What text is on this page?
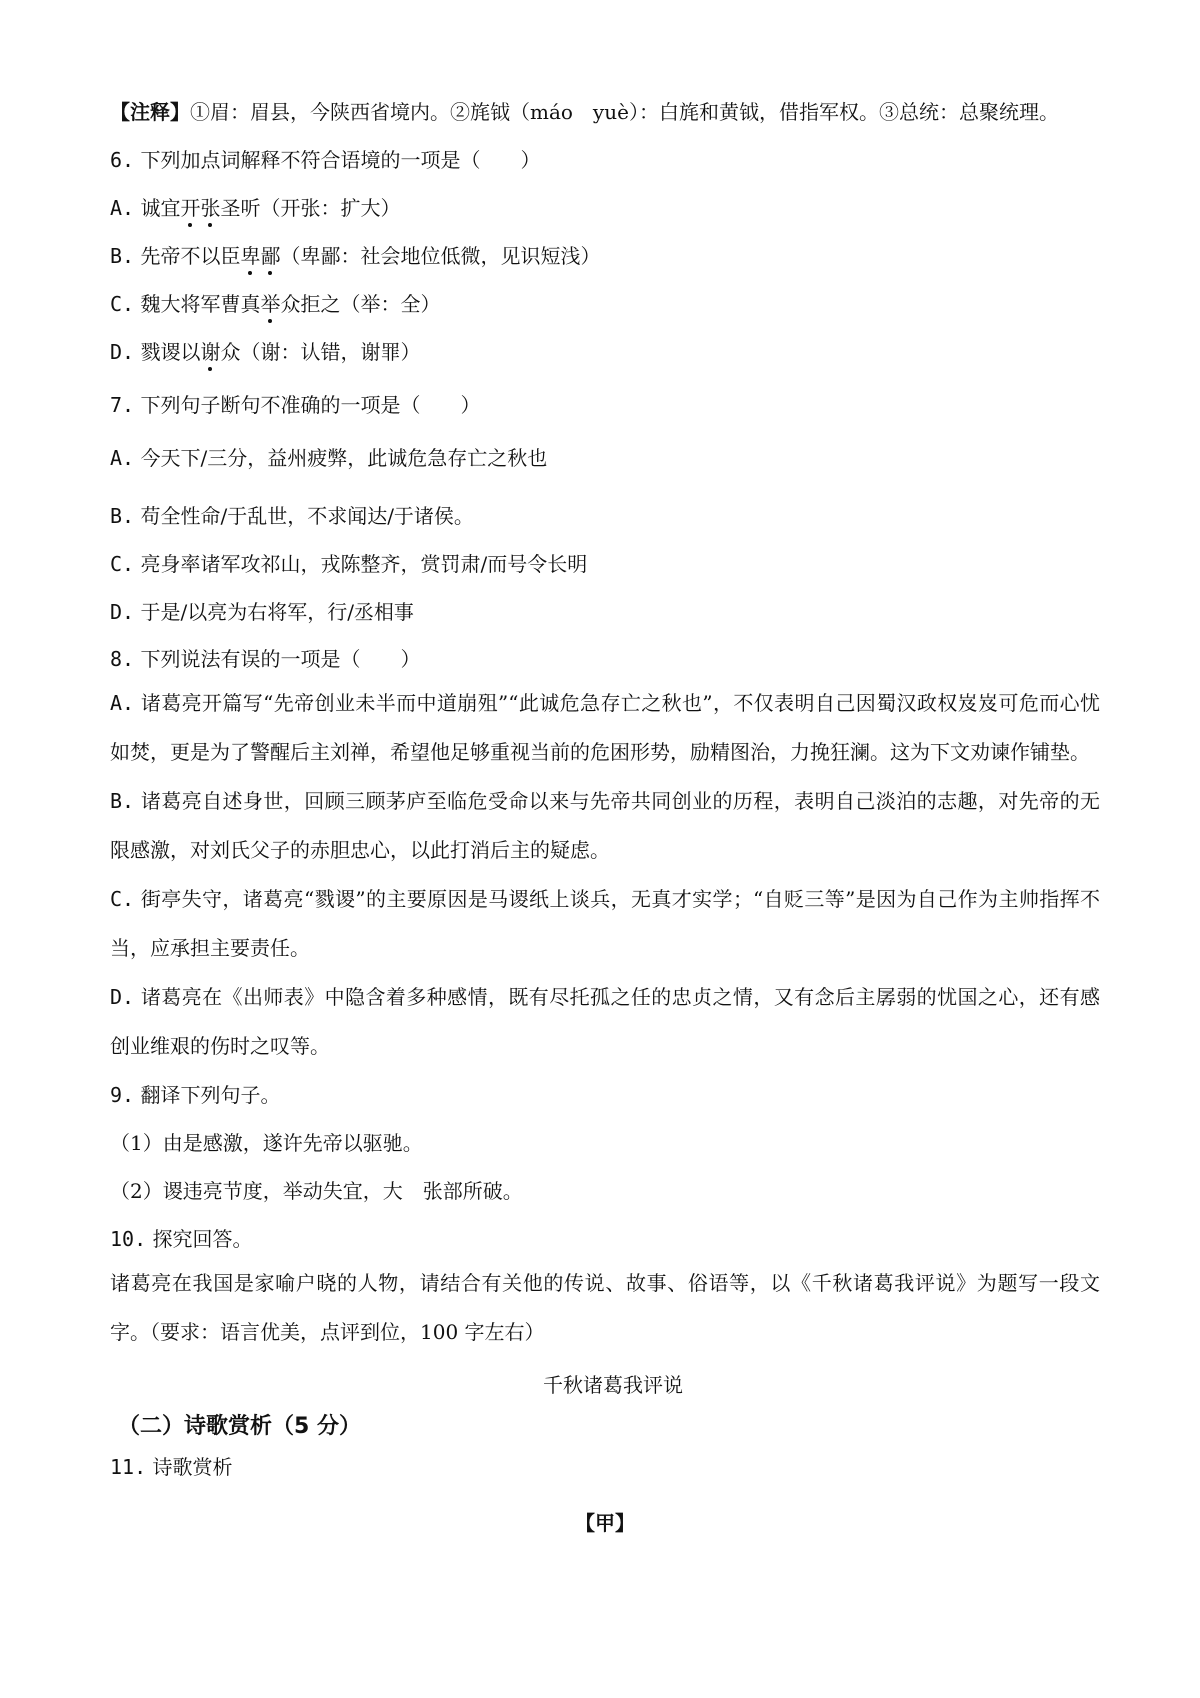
【注释】①眉：眉县，今陕西省境内。②旄钺（máo　yuè）：白旄和黄钺，借指军权。③总统：总聚统理。
6. 下列加点词解释不符合语境的一项是（　　）
A. 诚宜开张圣听（开张：扩大）
B. 先帝不以臣卑鄙（卑鄙：社会地位低微，见识短浅）
C. 魏大将军曹真举众拒之（举：全）
D. 戮谡以谢众（谢：认错，谢罪）
7. 下列句子断句不准确的一项是（　　）
A. 今天下/三分，益州疲弊，此诚危急存亡之秋也
B. 苟全性命/于乱世，不求闻达/于诸侯。
C. 亮身率诸军攻祁山，戎陈整齐，赏罚肃/而号令长明
D. 于是/以亮为右将军，行/丞相事
8. 下列说法有误的一项是（　　）
A. 诸葛亮开篇写“先帝创业未半而中道崩殂”“此诚危急存亡之秋也”，不仅表明自己因蜀汉政权岌岌可危而心忧如焚，更是为了警醒后主刘禅，希望他足够重视当前的危困形势，励精图治，力挽狂澜。这为下文劝谏作铺垫。
B. 诸葛亮自述身世，回顾三顾茅庐至临危受命以来与先帝共同创业的历程，表明自己淡泊的志趣，对先帝的无限感激，对刘氏父子的赤胆忠心，以此打消后主的疑虑。
C. 街亭失守，诸葛亮“戮谡”的主要原因是马谡纸上谈兵，无真才实学；“自贬三等”是因为自己作为主帅指挥不当，应承担主要责任。
D. 诸葛亮在《出师表》中隐含着多种感情，既有尽托孤之任的忠贞之情，又有念后主孱弱的忧国之心，还有感创业维艰的伤时之叹等。
9. 翻译下列句子。
（1）由是感激，遂许先帝以驱驰。
（2）谡违亮节度，举动失宜，大　张部所破。
10. 探究回答。
诸葛亮在我国是家喻户晓的人物，请结合有关他的传说、故事、俗语等，以《千秋诸葛我评说》为题写一段文字。（要求：语言优美，点评到位，100 字左右）
千秋诸葛我评说
（二）诗歌赏析（5 分）
11. 诗歌赏析
【甲】
